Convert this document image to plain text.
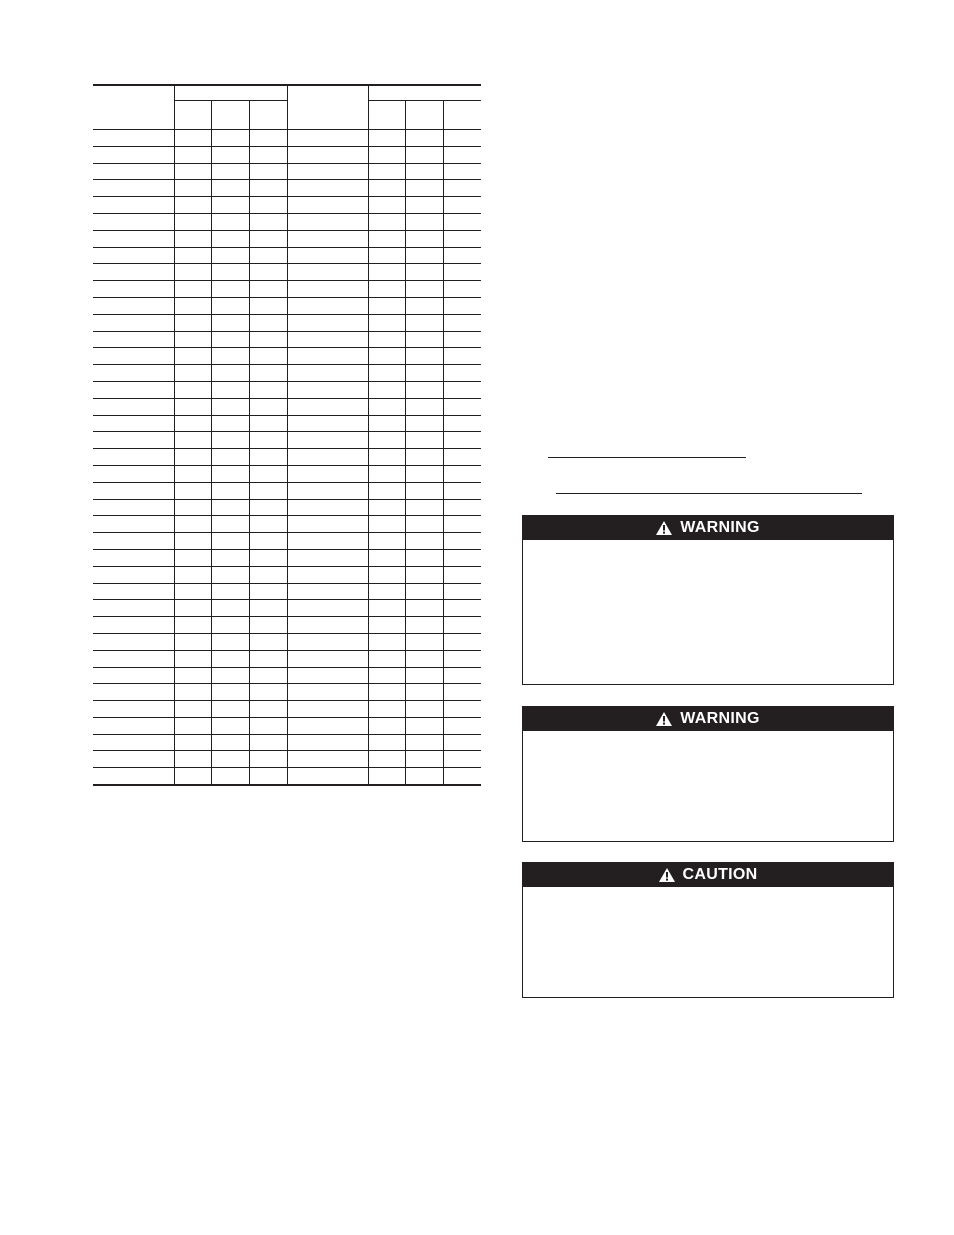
WARNING
WARNING
CAUTION
